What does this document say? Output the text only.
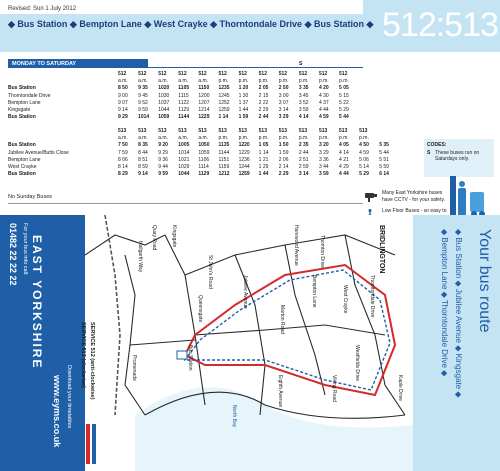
Revised: Sun 1 July 2012
◆ Bus Station ◆ Bempton Lane ◆ West Crayke ◆ Thorntondale Drive ◆ Bus Station ◆ 512:513
MONDAY TO SATURDAY	S
	512	512	512	512	512	512	512	512	512	512	512	512
	a.m.	a.m.	a.m.	a.m.	a.m.	p.m.	p.m.	p.m.	p.m.	p.m.	p.m.	p.m.
Bus Station	8 50	9 35	1020	1105	1150	1235	1 20	2 05	2 50	3 35	4 20	5 05
Thorntondale Drive	9 00	9 45	1030	1115	1200	1245	1 30	2 15	3 00	3 45	4 30	5 15
Bempton Lane	9 07	9 52	1037	1122	1207	1252	1 37	2 22	3 07	3 52	4 37	5 22
Kingsgate	9 14	9 59	1044	1129	1214	1259	1 44	2 29	3 14	3 59	4 44	5 29
Bus Station	9 29	1014	1059	1144	1229	1 14	1 59	2 44	3 29	4 14	4 59	5 44
	513	513	513	513	513	513	513	513	513	513	513	513	513	
	a.m.	a.m.	a.m.	a.m.	a.m.	p.m.	p.m.	p.m.	p.m.	p.m.	p.m.	p.m.	p.m.	
Bus Station	7 50	8 35	9 20	1005	1050	1135	1220	1 05	1 50	2 35	3 20	4 05	4 50	5 35
Jubilee Avenue/Butts Close	7 59	8 44	9 29	1014	1059	1144	1229	1 14	1 59	2 44	3 29	4 14	4 59	5 44
Bempton Lane	8 06	8 51	9 36	1021	1106	1151	1236	1 21	2 06	2 51	3 36	4 21	5 06	5 51
West Crayke	8 14	8 59	9 44	1029	1114	1159	1244	1 29	2 14	2 59	3 44	4 29	5 14	5 59
Bus Station	8 29	9 14	9 59	1044	1129	1212	1259	1 44	2 29	3 14	3 59	4 44	5 29	6 14
CODES:
S These buses run on Saturdays only.
No Sunday Buses
Many East Yorkshire buses have CCTV - for your safety.
Low Floor Buses - so easy to
EAST YORKSHIRE
For your bus info call:
01482 22 22 22
Download your timetables
www.eyms.co.uk
BRIDLINGTON
Hallgarth Way
Queensgate	Jubilee Avenue
Thornton Drive
Kingsgate
Bempton Lane	West Crayke	Thorntondale Drive
Marton Road
Westfields Drive
Kaple Drive
Viking Road
Eighth Avenue
St John's Road
Promenade
Quay Road
Bus Station
North Bay
Harewood Avenue
SERVICE 512 (anti-clockwise)
SERVICE 513 (clockwise)
Your bus route
◆ Bus Station ◆ Jubilee Avenue ◆ Kingsgate ◆
◆ Bempton Lane ◆ Thorntondale Drive ◆
